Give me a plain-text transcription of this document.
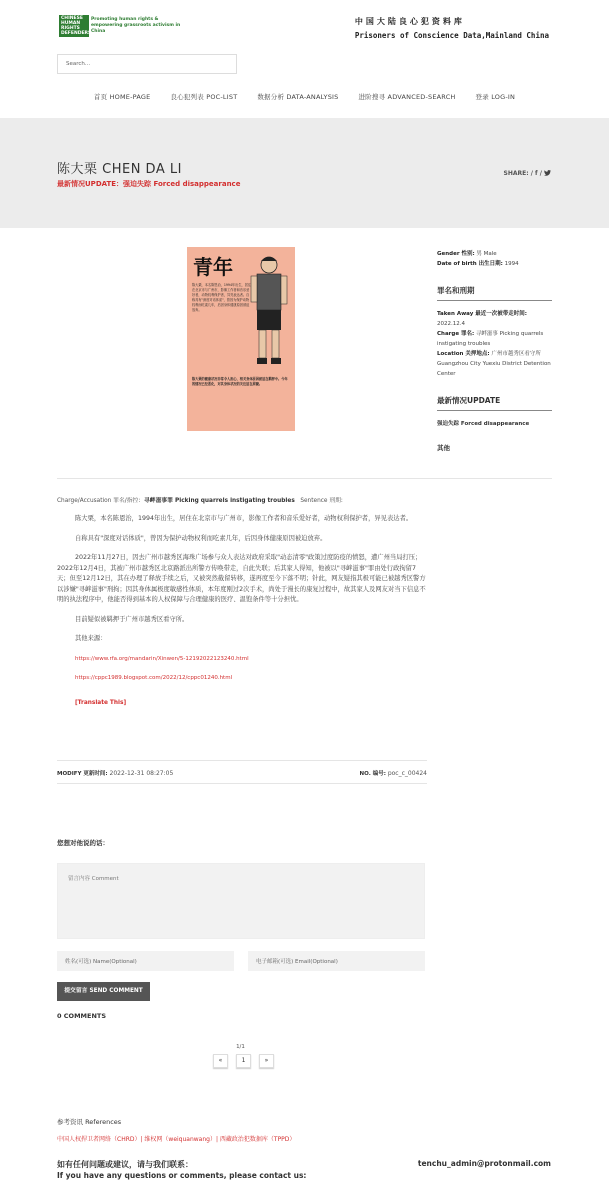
CHINESE HUMAN RIGHTS DEFENDERS
Promoting human rights & empowering grassroots activism in China
中国大陆良心犯资料库
Prisoners of Conscience Data,Mainland China
Search...
首页 HOME-PAGE	良心犯列表 POC-LIST	数据分析 DATA-ANALYSIS	进阶搜寻 ADVANCED-SEARCH	登录 LOG-IN
陈大栗 CHEN DA LI
最新情况UPDATE：强迫失踪 Forced disappearance
SHARE: / f /
青年
陈大栗，本名陈恩治，1994年出生，居住在北京市与广州市，影像工作者和音乐爱好者，动物权利保护者，异见表达者。自称具有"深度对话体质"，曾因为保护动物权利而吃素几年，后因身体健康原因被迫放弃。
陈大栗的健康状况非常令人担心，相关身体原因被迫在羁押中。今年的情况已经恶化，对其身体状况的关注迫在眉睫。
Gender 性别: 男 Male
Date of birth 出生日期: 1994
罪名和刑期
Taken Away 最近一次被带走时间: 2022.12.4
Charge 罪名: 寻衅滋事 Picking quarrels instigating troubles
Location 关押地点: 广州市越秀区看守所 Guangzhou City Yuexiu District Detention Center
最新情况UPDATE
强迫失踪 Forced disappearance
其他
Charge/Accusation 罪名/指控: 寻衅滋事罪 Picking quarrels instigating troubles Sentence 刑期:

陈大栗，本名陈恩治，1994年出生，居住在北京市与广州市，影像工作者和音乐爱好者，动物权利保护者，异见表达者。

自称具有"深度对话体质"，曾因为保护动物权利而吃素几年，后因身体健康原因被迫放弃。

2022年11月27日，因去广州市越秀区海珠广场参与众人表达对政府采取"动态清零"政策过度防疫的愤怒，遭广州当局打压；2022年12月4日，其被广州市越秀区北京路派出所警方传唤带走，自此失联；后其家人得知，他被以"寻衅滋事"罪由处行政拘留7天；但至12月12日，其在办理了释放手续之后，又被突然截留转移，遂再度至今下落不明；针此，网友疑指其极可能已被越秀区警方以涉嫌"寻衅滋事"刑拘；因其身体属极度敏感性体质，本年度刚过2次手术，尚处于漫长的康复过程中，故其家人及网友对当下信息不明的执法程序中，他能否得到基本的人权保障与合理健康的医疗、温饱条件等十分担忧。

目前疑似被羁押于广州市越秀区看守所。

其他来源：

https://www.rfa.org/mandarin/Xinwen/5-12192022123240.html

https://cppc1989.blogspot.com/2022/12/cppc01240.html

[Translate This]

MODIFY 更新时间: 2022-12-31 08:27:05	NO. 编号: poc_c_00424
您想对他说的话：
留言内容 Comment
姓名(可选) Name(Optional)	电子邮箱(可选) Email(Optional)
提交留言 SEND COMMENT
0 COMMENTS
1/1
«	1	»
参考资讯 References
中国人权捍卫者网络（CHRD）| 维权网（weiquanwang）| 西藏政治犯数据库（TPPD）
如有任何问题或建议，请与我们联系：
If you have any questions or comments, please contact us:
tenchu_admin@protonmail.com
